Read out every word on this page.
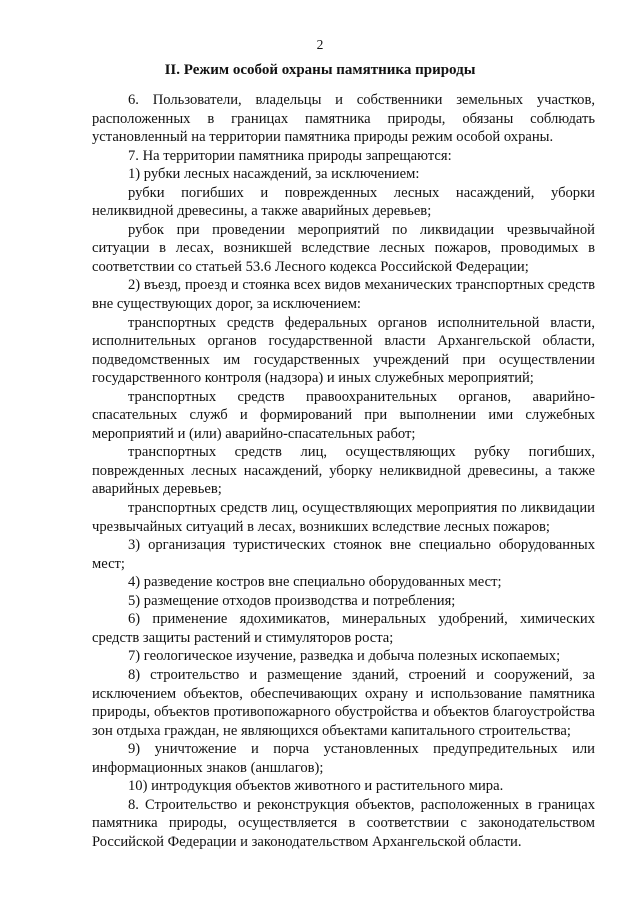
2
II. Режим особой охраны памятника природы

6. Пользователи, владельцы и собственники земельных участков, расположенных в границах памятника природы, обязаны соблюдать установленный на территории памятника природы режим особой охраны.

7. На территории памятника природы запрещаются:

1) рубки лесных насаждений, за исключением:

рубки погибших и поврежденных лесных насаждений, уборки неликвидной древесины, а также аварийных деревьев;

рубок при проведении мероприятий по ликвидации чрезвычайной ситуации в лесах, возникшей вследствие лесных пожаров, проводимых в соответствии со статьей 53.6 Лесного кодекса Российской Федерации;

2) въезд, проезд и стоянка всех видов механических транспортных средств вне существующих дорог, за исключением:

транспортных средств федеральных органов исполнительной власти, исполнительных органов государственной власти Архангельской области, подведомственных им государственных учреждений при осуществлении государственного контроля (надзора) и иных служебных мероприятий;

транспортных средств правоохранительных органов, аварийно-спасательных служб и формирований при выполнении ими служебных мероприятий и (или) аварийно-спасательных работ;

транспортных средств лиц, осуществляющих рубку погибших, поврежденных лесных насаждений, уборку неликвидной древесины, а также аварийных деревьев;

транспортных средств лиц, осуществляющих мероприятия по ликвидации чрезвычайных ситуаций в лесах, возникших вследствие лесных пожаров;

3) организация туристических стоянок вне специально оборудованных мест;

4) разведение костров вне специально оборудованных мест;

5) размещение отходов производства и потребления;

6) применение ядохимикатов, минеральных удобрений, химических средств защиты растений и стимуляторов роста;

7) геологическое изучение, разведка и добыча полезных ископаемых;

8) строительство и размещение зданий, строений и сооружений, за исключением объектов, обеспечивающих охрану и использование памятника природы, объектов противопожарного обустройства и объектов благоустройства зон отдыха граждан, не являющихся объектами капитального строительства;

9) уничтожение и порча установленных предупредительных или информационных знаков (аншлагов);

10) интродукция объектов животного и растительного мира.

8. Строительство и реконструкция объектов, расположенных в границах памятника природы, осуществляется в соответствии с законодательством Российской Федерации и законодательством Архангельской области.
